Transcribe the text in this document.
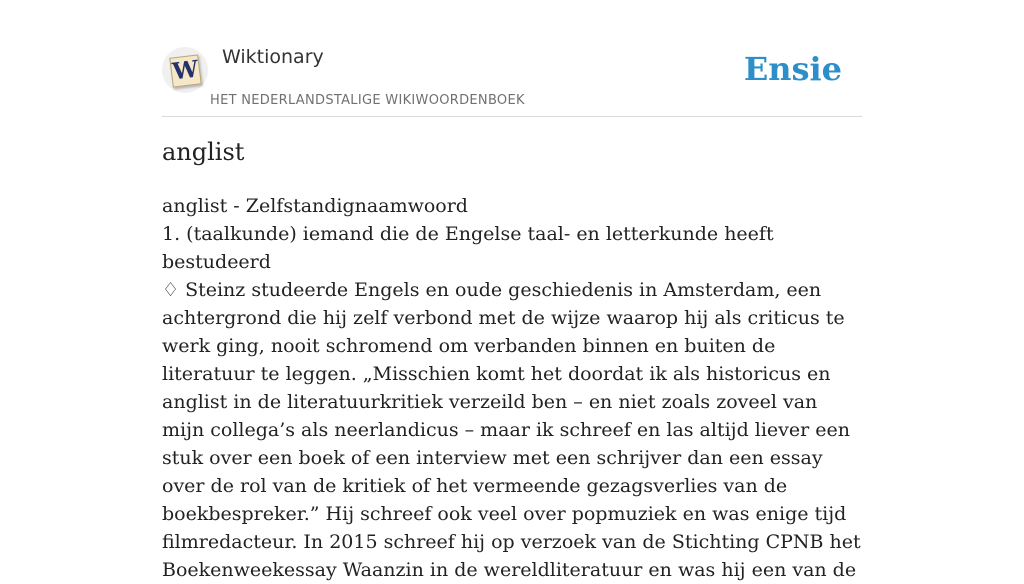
W Wiktionary
HET NEDERLANDSTALIGE WIKIWOORDENBOEK
Ensie
anglist

anglist - Zelfstandignaamwoord

1. (taalkunde) iemand die de Engelse taal- en letterkunde heeft bestudeerd

♢ Steinz studeerde Engels en oude geschiedenis in Amsterdam, een achtergrond die hij zelf verbond met de wijze waarop hij als criticus te werk ging, nooit schromend om verbanden binnen en buiten de literatuur te leggen. „Misschien komt het doordat ik als historicus en anglist in de literatuurkritiek verzeild ben – en niet zoals zoveel van mijn collega’s als neerlandicus – maar ik schreef en las altijd liever een stuk over een boek of een interview met een schrijver dan een essay over de rol van de kritiek of het vermeende gezagsverlies van de boekbespreker.” Hij schreef ook veel over popmuziek en was enige tijd filmredacteur. In 2015 schreef hij op verzoek van de Stichting CPNB het Boekenweekessay Waanzin in de wereldliteratuur en was hij een van de
